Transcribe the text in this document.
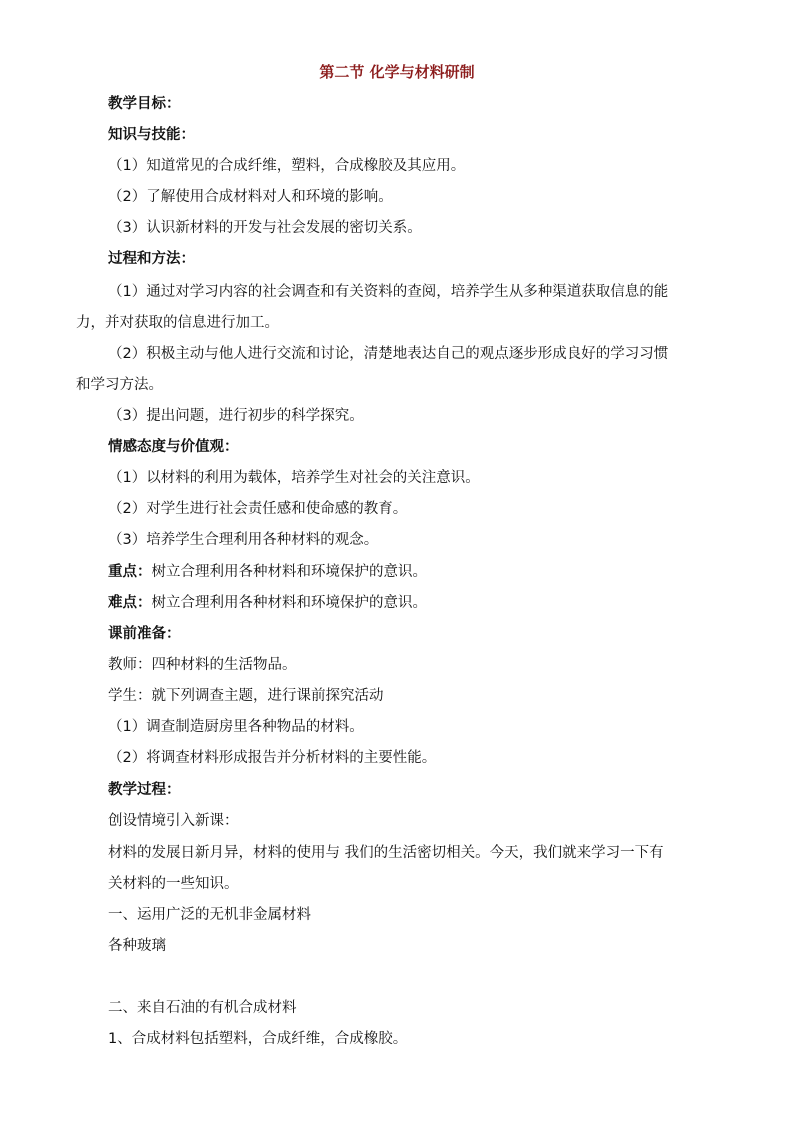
第二节 化学与材料研制
教学目标：
知识与技能：
（1）知道常见的合成纤维，塑料，合成橡胶及其应用。
（2）了解使用合成材料对人和环境的影响。
（3）认识新材料的开发与社会发展的密切关系。
过程和方法：
（1）通过对学习内容的社会调查和有关资料的查阅，培养学生从多种渠道获取信息的能
力，并对获取的信息进行加工。
（2）积极主动与他人进行交流和讨论，清楚地表达自己的观点逐步形成良好的学习习惯
和学习方法。
（3）提出问题，进行初步的科学探究。
情感态度与价值观：
（1）以材料的利用为载体，培养学生对社会的关注意识。
（2）对学生进行社会责任感和使命感的教育。
（3）培养学生合理利用各种材料的观念。
重点：树立合理利用各种材料和环境保护的意识。
难点：树立合理利用各种材料和环境保护的意识。
课前准备：
教师：四种材料的生活物品。
学生：就下列调查主题，进行课前探究活动
（1）调查制造厨房里各种物品的材料。
（2）将调查材料形成报告并分析材料的主要性能。
教学过程：
创设情境引入新课：
材料的发展日新月异，材料的使用与 我们的生活密切相关。今天，我们就来学习一下有
关材料的一些知识。
一、运用广泛的无机非金属材料
各种玻璃
二、来自石油的有机合成材料
1、合成材料包括塑料，合成纤维，合成橡胶。
